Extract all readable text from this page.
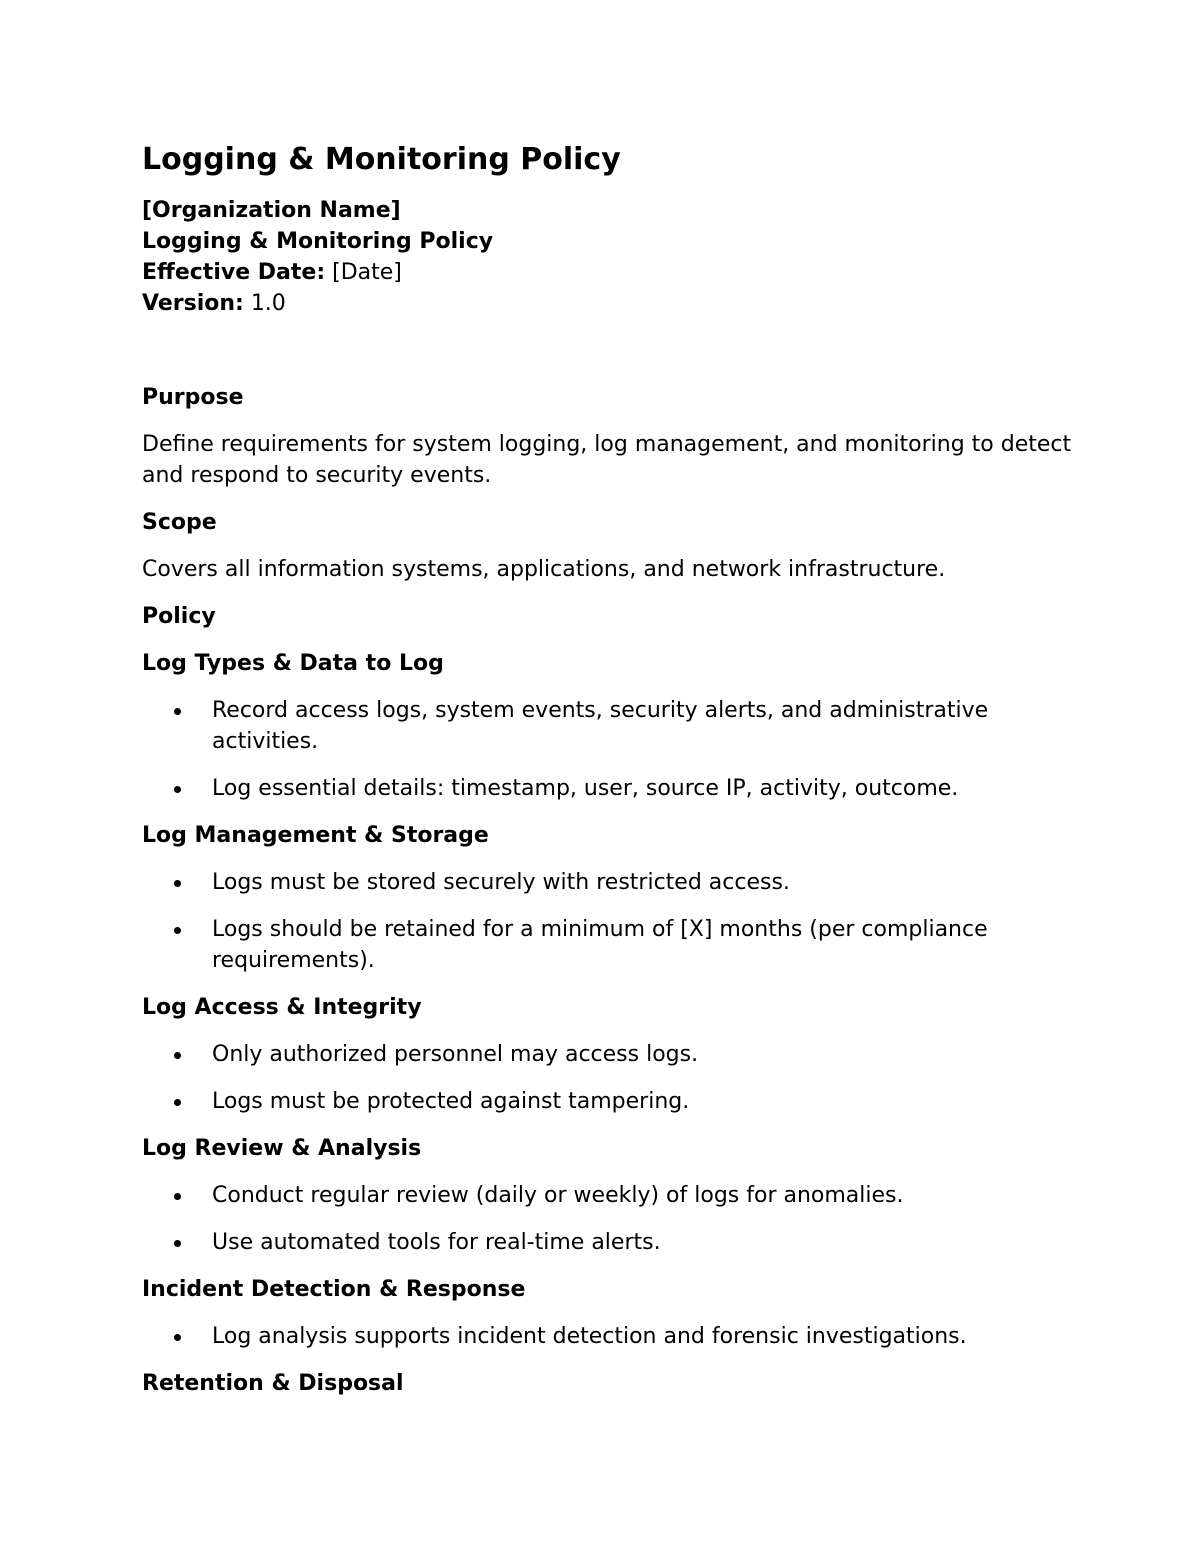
Logging & Monitoring Policy
[Organization Name]
Logging & Monitoring Policy
Effective Date: [Date]
Version: 1.0
Purpose

Define requirements for system logging, log management, and monitoring to detect and respond to security events.

Scope

Covers all information systems, applications, and network infrastructure.

Policy
Log Types & Data to Log
Record access logs, system events, security alerts, and administrative activities.
Log essential details: timestamp, user, source IP, activity, outcome.
Log Management & Storage
Logs must be stored securely with restricted access.
Logs should be retained for a minimum of [X] months (per compliance requirements).
Log Access & Integrity
Only authorized personnel may access logs.
Logs must be protected against tampering.
Log Review & Analysis
Conduct regular review (daily or weekly) of logs for anomalies.
Use automated tools for real-time alerts.
Incident Detection & Response
Log analysis supports incident detection and forensic investigations.
Retention & Disposal
